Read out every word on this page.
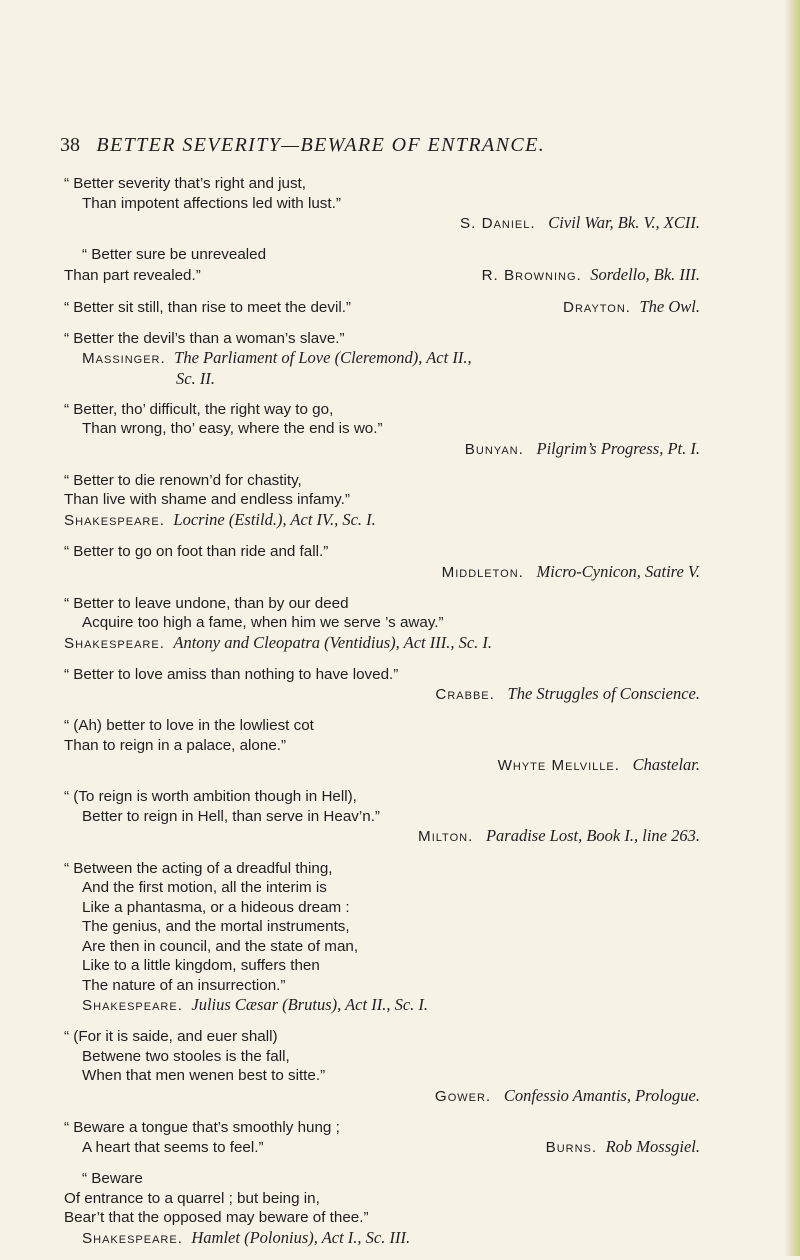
38 BETTER SEVERITY—BEWARE OF ENTRANCE.
“ Better severity that’s right and just,
Than impotent affections led with lust.”
S. Daniel. Civil War, Bk. V., XCII.
“ Better sure be unrevealed
Than part revealed.”	R. Browning. Sordello, Bk. III.
“ Better sit still, than rise to meet the devil.”	Drayton. The Owl.
“ Better the devil’s than a woman’s slave.”
Massinger. The Parliament of Love (Cleremond), Act II.,
Sc. II.
“ Better, tho’ difficult, the right way to go,
Than wrong, tho’ easy, where the end is wo.”
Bunyan. Pilgrim’s Progress, Pt. I.
“ Better to die renown’d for chastity,
Than live with shame and endless infamy.”
Shakespeare. Locrine (Estild.), Act IV., Sc. I.
“ Better to go on foot than ride and fall.”
Middleton. Micro-Cynicon, Satire V.
“ Better to leave undone, than by our deed
Acquire too high a fame, when him we serve ’s away.”
Shakespeare. Antony and Cleopatra (Ventidius), Act III., Sc. I.
“ Better to love amiss than nothing to have loved.”
Crabbe. The Struggles of Conscience.
“ (Ah) better to love in the lowliest cot
Than to reign in a palace, alone.”
Whyte Melville. Chastelar.
“ (To reign is worth ambition though in Hell),
Better to reign in Hell, than serve in Heav’n.”
Milton. Paradise Lost, Book I., line 263.
“ Between the acting of a dreadful thing,
And the first motion, all the interim is
Like a phantasma, or a hideous dream :
The genius, and the mortal instruments,
Are then in council, and the state of man,
Like to a little kingdom, suffers then
The nature of an insurrection.”
Shakespeare. Julius Cæsar (Brutus), Act II., Sc. I.
“ (For it is saide, and euer shall)
Betwene two stooles is the fall,
When that men wenen best to sitte.”
Gower. Confessio Amantis, Prologue.
“ Beware a tongue that’s smoothly hung ;
A heart that seems to feel.”	Burns. Rob Mossgiel.
“ Beware
Of entrance to a quarrel ; but being in,
Bear’t that the opposed may beware of thee.”
Shakespeare. Hamlet (Polonius), Act I., Sc. III.
